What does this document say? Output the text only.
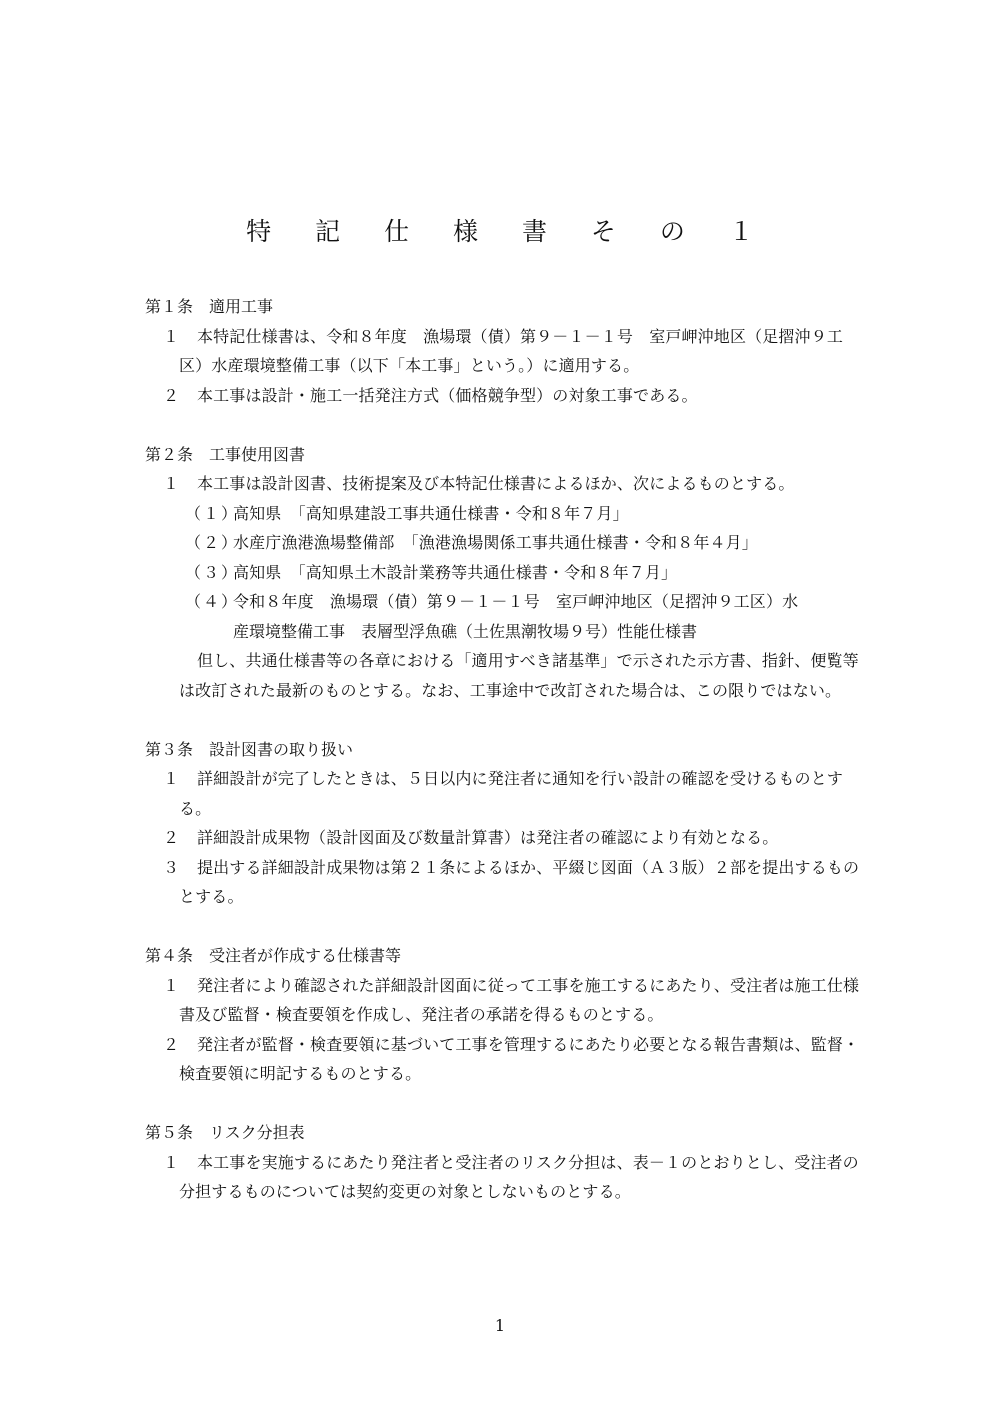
特 記 仕 様 書 そ の １
第１条　適用工事
１ 本特記仕様書は、令和８年度　漁場環（債）第９－１－１号　室戸岬沖地区（足摺沖９工区）水産環境整備工事（以下「本工事」という。）に適用する。
２ 本工事は設計・施工一括発注方式（価格競争型）の対象工事である。
第２条　工事使用図書
１ 本工事は設計図書、技術提案及び本特記仕様書によるほか、次によるものとする。
（１）高知県　「高知県建設工事共通仕様書・令和８年７月」
（２）水産庁漁港漁場整備部　「漁港漁場関係工事共通仕様書・令和８年４月」
（３）高知県　「高知県土木設計業務等共通仕様書・令和８年７月」
（４）令和８年度　漁場環（債）第９－１－１号　室戸岬沖地区（足摺沖９工区）水
産環境整備工事　表層型浮魚礁（土佐黒潮牧場９号）性能仕様書
但し、共通仕様書等の各章における「適用すべき諸基準」で示された示方書、指針、便覧等は改訂された最新のものとする。なお、工事途中で改訂された場合は、この限りではない。
第３条　設計図書の取り扱い
１ 詳細設計が完了したときは、５日以内に発注者に通知を行い設計の確認を受けるものとする。
２ 詳細設計成果物（設計図面及び数量計算書）は発注者の確認により有効となる。
３ 提出する詳細設計成果物は第２１条によるほか、平綴じ図面（Ａ３版）２部を提出するものとする。
第４条　受注者が作成する仕様書等
１ 発注者により確認された詳細設計図面に従って工事を施工するにあたり、受注者は施工仕様書及び監督・検査要領を作成し、発注者の承諾を得るものとする。
２ 発注者が監督・検査要領に基づいて工事を管理するにあたり必要となる報告書類は、監督・検査要領に明記するものとする。
第５条　リスク分担表
１ 本工事を実施するにあたり発注者と受注者のリスク分担は、表－１のとおりとし、受注者の分担するものについては契約変更の対象としないものとする。
1
